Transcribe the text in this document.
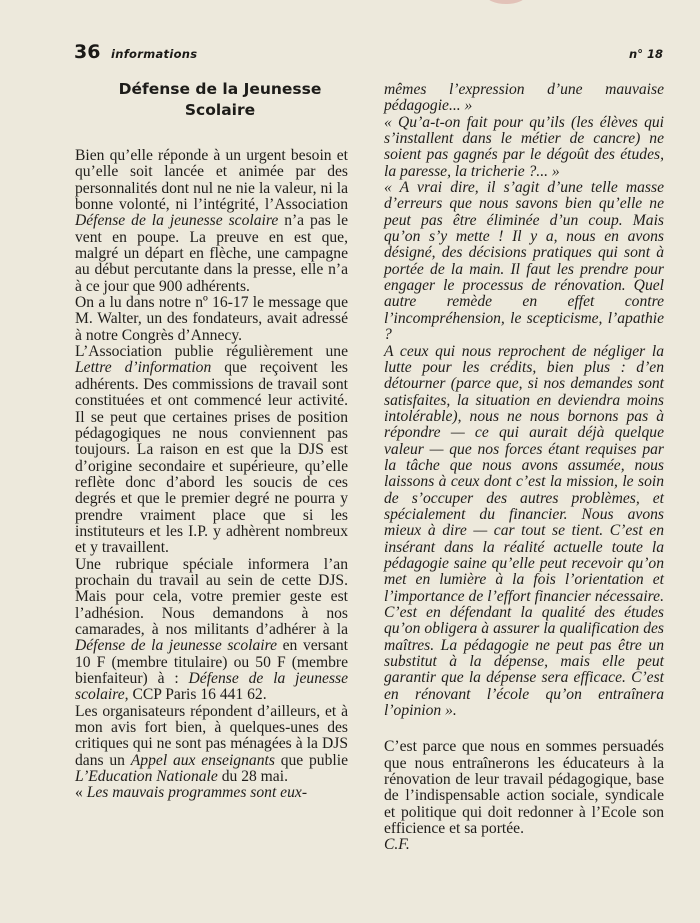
36 informations	n° 18
Défense de la Jeunesse Scolaire

Bien qu’elle réponde à un urgent besoin et qu’elle soit lancée et animée par des personnalités dont nul ne nie la valeur, ni la bonne volonté, ni l’intégrité, l’Association Défense de la jeunesse scolaire n’a pas le vent en poupe. La preuve en est que, malgré un départ en flèche, une campagne au début percutante dans la presse, elle n’a à ce jour que 900 adhérents.

On a lu dans notre nº 16-17 le message que M. Walter, un des fondateurs, avait adressé à notre Congrès d’Annecy.

L’Association publie régulièrement une Lettre d’information que reçoivent les adhérents. Des commissions de travail sont constituées et ont commencé leur activité. Il se peut que certaines prises de position pédagogiques ne nous conviennent pas toujours. La raison en est que la DJS est d’origine secondaire et supérieure, qu’elle reflète donc d’abord les soucis de ces degrés et que le premier degré ne pourra y prendre vraiment place que si les instituteurs et les I.P. y adhèrent nombreux et y travaillent.

Une rubrique spéciale informera l’an prochain du travail au sein de cette DJS. Mais pour cela, votre premier geste est l’adhésion. Nous demandons à nos camarades, à nos militants d’adhérer à la Défense de la jeunesse scolaire en versant 10 F (membre titulaire) ou 50 F (membre bienfaiteur) à : Défense de la jeunesse scolaire, CCP Paris 16 441 62.

Les organisateurs répondent d’ailleurs, et à mon avis fort bien, à quelques-unes des critiques qui ne sont pas ménagées à la DJS dans un Appel aux enseignants que publie L’Education Nationale du 28 mai.

« Les mauvais programmes sont eux-

mêmes l’expression d’une mauvaise pédagogie... »

« Qu’a-t-on fait pour qu’ils (les élèves qui s’installent dans le métier de cancre) ne soient pas gagnés par le dégoût des études, la paresse, la tricherie ?... »

« A vrai dire, il s’agit d’une telle masse d’erreurs que nous savons bien qu’elle ne peut pas être éliminée d’un coup. Mais qu’on s’y mette ! Il y a, nous en avons désigné, des décisions pratiques qui sont à portée de la main. Il faut les prendre pour engager le processus de rénovation. Quel autre remède en effet contre l’incompréhension, le scepticisme, l’apathie ?

A ceux qui nous reprochent de négliger la lutte pour les crédits, bien plus : d’en détourner (parce que, si nos demandes sont satisfaites, la situation en deviendra moins intolérable), nous ne nous bornons pas à répondre — ce qui aurait déjà quelque valeur — que nos forces étant requises par la tâche que nous avons assumée, nous laissons à ceux dont c’est la mission, le soin de s’occuper des autres problèmes, et spécialement du financier. Nous avons mieux à dire — car tout se tient. C’est en insérant dans la réalité actuelle toute la pédagogie saine qu’elle peut recevoir qu’on met en lumière à la fois l’orientation et l’importance de l’effort financier nécessaire. C’est en défendant la qualité des études qu’on obligera à assurer la qualification des maîtres. La pédagogie ne peut pas être un substitut à la dépense, mais elle peut garantir que la dépense sera efficace. C’est en rénovant l’école qu’on entraînera l’opinion ».

C’est parce que nous en sommes persuadés que nous entraînerons les éducateurs à la rénovation de leur travail pédagogique, base de l’indispensable action sociale, syndicale et politique qui doit redonner à l’Ecole son efficience et sa portée.

C.F.
